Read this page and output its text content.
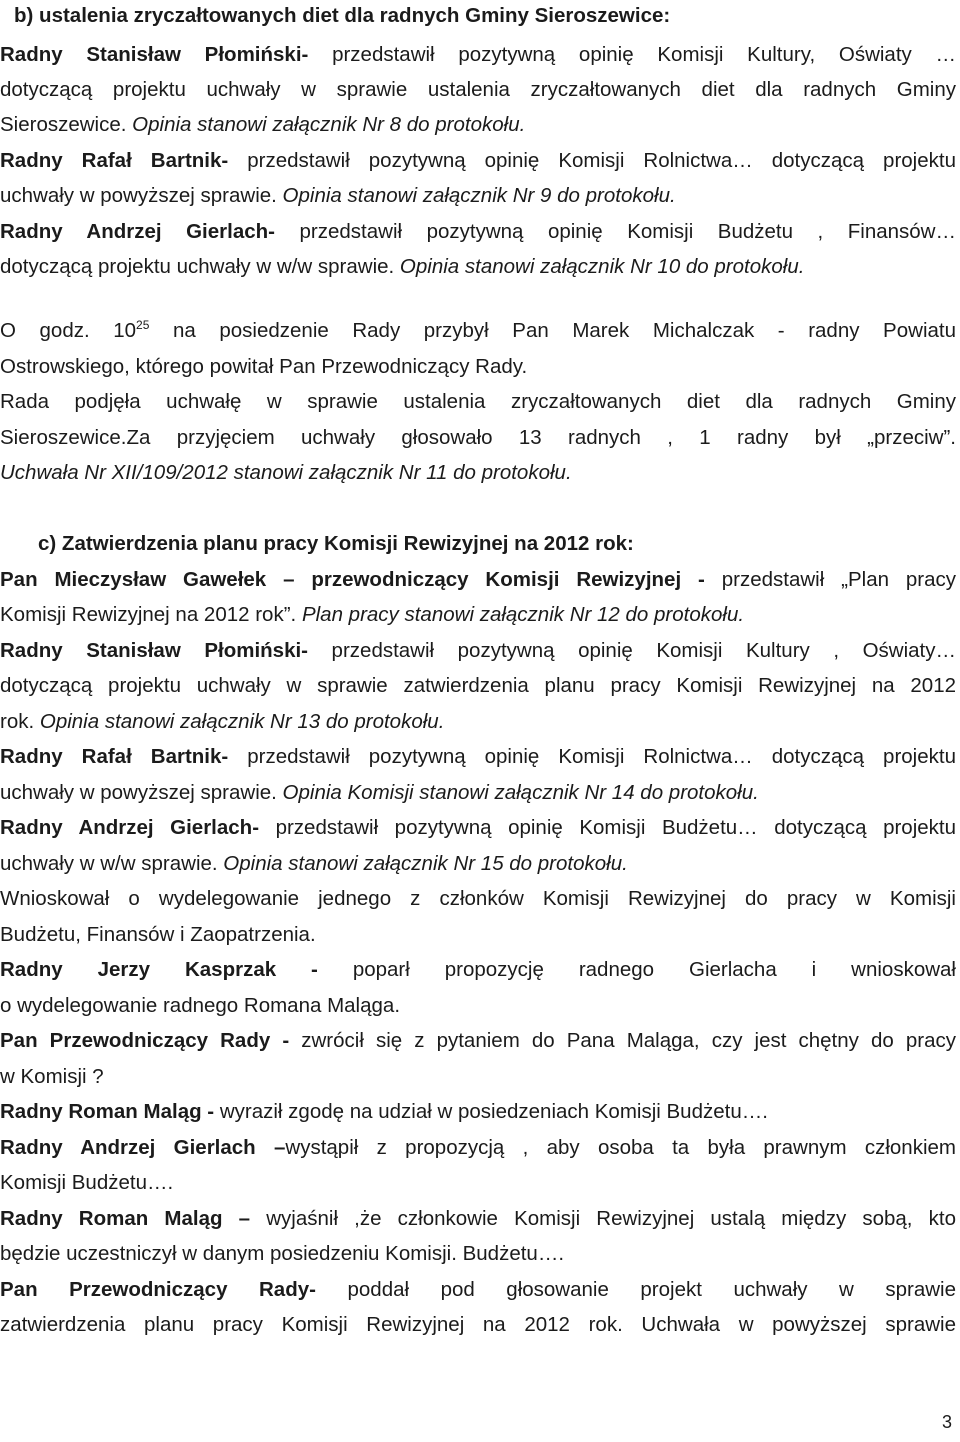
b) ustalenia zryczałtowanych diet dla radnych Gminy Sieroszewice:
Radny Stanisław Płomiński- przedstawił pozytywną opinię Komisji Kultury, Oświaty …
dotyczącą projektu uchwały w sprawie ustalenia zryczałtowanych diet dla radnych Gminy
Sieroszewice. Opinia stanowi załącznik Nr 8 do protokołu.
Radny Rafał Bartnik- przedstawił pozytywną opinię Komisji Rolnictwa… dotyczącą projektu
uchwały w powyższej sprawie. Opinia stanowi załącznik Nr 9 do protokołu.
Radny Andrzej Gierlach- przedstawił pozytywną opinię Komisji Budżetu , Finansów…
dotyczącą projektu uchwały w w/w sprawie. Opinia stanowi załącznik Nr 10 do protokołu.
O godz. $10^{25}$ na posiedzenie Rady przybył Pan Marek Michalczak - radny Powiatu
Ostrowskiego, którego powitał Pan Przewodniczący Rady.
Rada podjęła uchwałę w sprawie ustalenia zryczałtowanych diet dla radnych Gminy
Sieroszewice.Za przyjęciem uchwały głosowało 13 radnych , 1 radny był „przeciw”.
Uchwała Nr XII/109/2012 stanowi załącznik Nr 11 do protokołu.
c) Zatwierdzenia planu pracy Komisji Rewizyjnej na 2012 rok:
Pan Mieczysław Gawełek – przewodniczący Komisji Rewizyjnej - przedstawił „Plan pracy
Komisji Rewizyjnej na 2012 rok”. Plan pracy stanowi załącznik Nr 12 do protokołu.
Radny Stanisław Płomiński- przedstawił pozytywną opinię Komisji Kultury , Oświaty…
dotyczącą projektu uchwały w sprawie zatwierdzenia planu pracy Komisji Rewizyjnej na 2012
rok. Opinia stanowi załącznik Nr 13 do protokołu.
Radny Rafał Bartnik- przedstawił pozytywną opinię Komisji Rolnictwa… dotyczącą projektu
uchwały w powyższej sprawie. Opinia Komisji stanowi załącznik Nr 14 do protokołu.
Radny Andrzej Gierlach- przedstawił pozytywną opinię Komisji Budżetu… dotyczącą projektu
uchwały w w/w sprawie. Opinia stanowi załącznik Nr 15 do protokołu.
Wnioskował o wydelegowanie jednego z członków Komisji Rewizyjnej do pracy w Komisji
Budżetu, Finansów i Zaopatrzenia.
Radny Jerzy Kasprzak - poparł propozycję radnego Gierlacha i wnioskował
o wydelegowanie radnego Romana Maląga.
Pan Przewodniczący Rady - zwrócił się z pytaniem do Pana Maląga, czy jest chętny do pracy
w Komisji ?
Radny Roman Maląg - wyraził zgodę na udział w posiedzeniach Komisji Budżetu….
Radny Andrzej Gierlach –wystąpił z propozycją , aby osoba ta była prawnym członkiem
Komisji Budżetu….
Radny Roman Maląg – wyjaśnił ,że członkowie Komisji Rewizyjnej ustalą między sobą, kto
będzie uczestniczył w danym posiedzeniu Komisji. Budżetu….
Pan Przewodniczący Rady- poddał pod głosowanie projekt uchwały w sprawie
zatwierdzenia planu pracy Komisji Rewizyjnej na 2012 rok. Uchwała w powyższej sprawie
3
